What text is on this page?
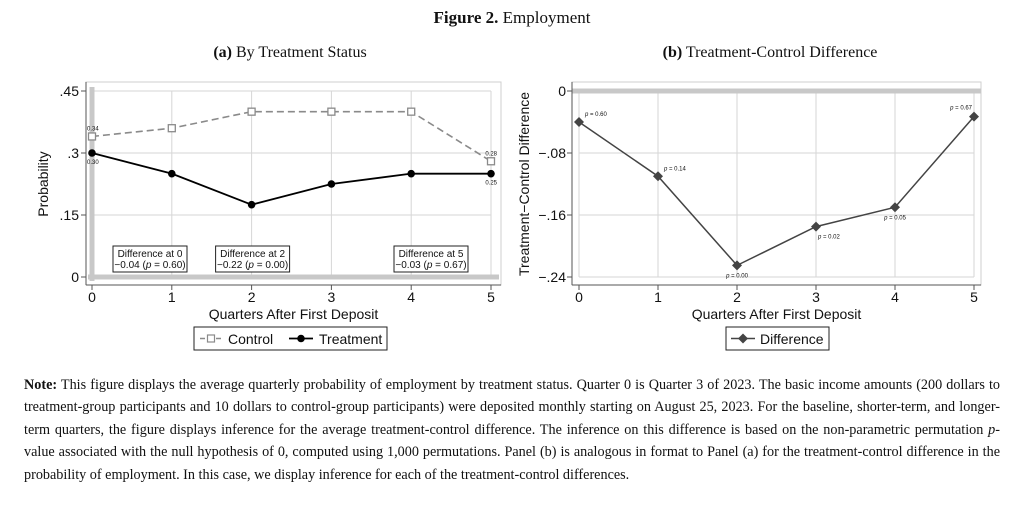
Figure 2. Employment
(a) By Treatment Status	(b) Treatment-Control Difference
0
.15
.3
.45
0	1	2	3	4	5
Quarters After First Deposit
Probability
0.34
0.28
0.30
0.25
Difference at 0
−0.04 (p = 0.60)
Difference at 2
−0.22 (p = 0.00)
Difference at 5
−0.03 (p = 0.67)
Control	Treatment
0
−.08
−.16
−.24
0	1	2	3	4	5
Quarters After First Deposit
Treatment−Control Difference	p = 0.60
p = 0.14
p = 0.00
p = 0.02
p = 0.05
p = 0.67
Difference
Note: This figure displays the average quarterly probability of employment by treatment status. Quarter 0 is Quarter 3 of 2023. The basic income amounts (200 dollars to treatment-group participants and 10 dollars to control-group participants) were deposited monthly starting on August 25, 2023. For the baseline, shorter-term, and longer-term quarters, the figure displays inference for the average treatment-control difference. The inference on this difference is based on the non-parametric permutation p-value associated with the null hypothesis of 0, computed using 1,000 permutations. Panel (b) is analogous in format to Panel (a) for the treatment-control difference in the probability of employment. In this case, we display inference for each of the treatment-control differences.
